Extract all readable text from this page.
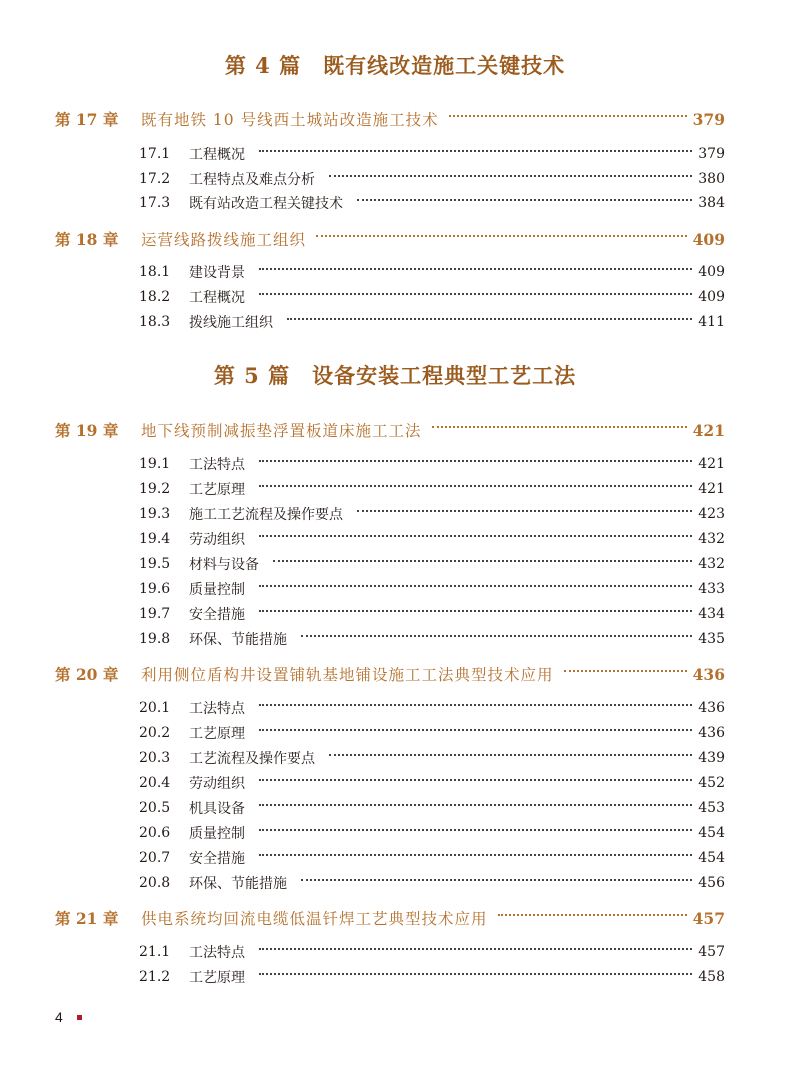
第 4 篇 既有线改造施工关键技术
第 5 篇 设备安装工程典型工艺工法
第 17 章	既有地铁 10 号线西土城站改造施工技术	379
17.1	工程概况	379
17.2	工程特点及难点分析	380
17.3	既有站改造工程关键技术	384
第 18 章	运营线路拨线施工组织	409
18.1	建设背景	409
18.2	工程概况	409
18.3	拨线施工组织	411
第 19 章	地下线预制减振垫浮置板道床施工工法	421
19.1	工法特点	421
19.2	工艺原理	421
19.3	施工工艺流程及操作要点	423
19.4	劳动组织	432
19.5	材料与设备	432
19.6	质量控制	433
19.7	安全措施	434
19.8	环保、节能措施	435
第 20 章	利用侧位盾构井设置铺轨基地铺设施工工法典型技术应用	436
20.1	工法特点	436
20.2	工艺原理	436
20.3	工艺流程及操作要点	439
20.4	劳动组织	452
20.5	机具设备	453
20.6	质量控制	454
20.7	安全措施	454
20.8	环保、节能措施	456
第 21 章	供电系统均回流电缆低温钎焊工艺典型技术应用	457
21.1	工法特点	457
21.2	工艺原理	458
4
